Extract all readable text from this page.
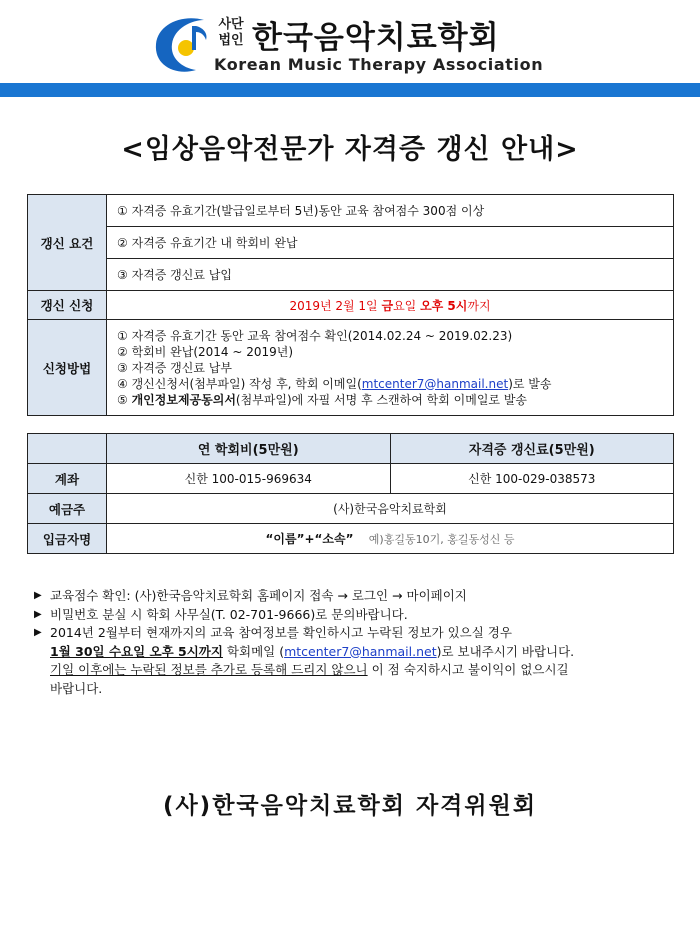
사단
법인 한국음악치료학회
Korean Music Therapy Association
<임상음악전문가 자격증 갱신 안내>
갱신 요건	① 자격증 유효기간(발급일로부터 5년)동안 교육 참여점수 300점 이상
	② 자격증 유효기간 내 학회비 완납
	③ 자격증 갱신료 납입
갱신 신청	2019년 2월 1일 금요일 오후 5시까지
신청방법	① 자격증 유효기간 동안 교육 참여점수 확인(2014.02.24 ~ 2019.02.23)
② 학회비 완납(2014 ~ 2019년)
③ 자격증 갱신료 납부
④ 갱신신청서(첨부파일) 작성 후, 학회 이메일(mtcenter7@hanmail.net)로 발송
⑤ 개인정보제공동의서(첨부파일)에 자필 서명 후 스캔하여 학회 이메일로 발송
	연 학회비(5만원)	자격증 갱신료(5만원)
계좌	신한 100-015-969634	신한 100-029-038573
예금주	(사)한국음악치료학회	
입금자명	“이름”+“소속” 예)홍길동10기, 홍길동성신 등	
▶ 교육점수 확인: (사)한국음악치료학회 홈페이지 접속 → 로그인 → 마이페이지
▶ 비밀번호 분실 시 학회 사무실(T. 02-701-9666)로 문의바랍니다.
▶ 2014년 2월부터 현재까지의 교육 참여정보를 확인하시고 누락된 정보가 있으실 경우
1월 30일 수요일 오후 5시까지 학회메일 (mtcenter7@hanmail.net)로 보내주시기 바랍니다.
기일 이후에는 누락된 정보를 추가로 등록해 드리지 않으니 이 점 숙지하시고 불이익이 없으시길
바랍니다.
(사)한국음악치료학회 자격위원회
